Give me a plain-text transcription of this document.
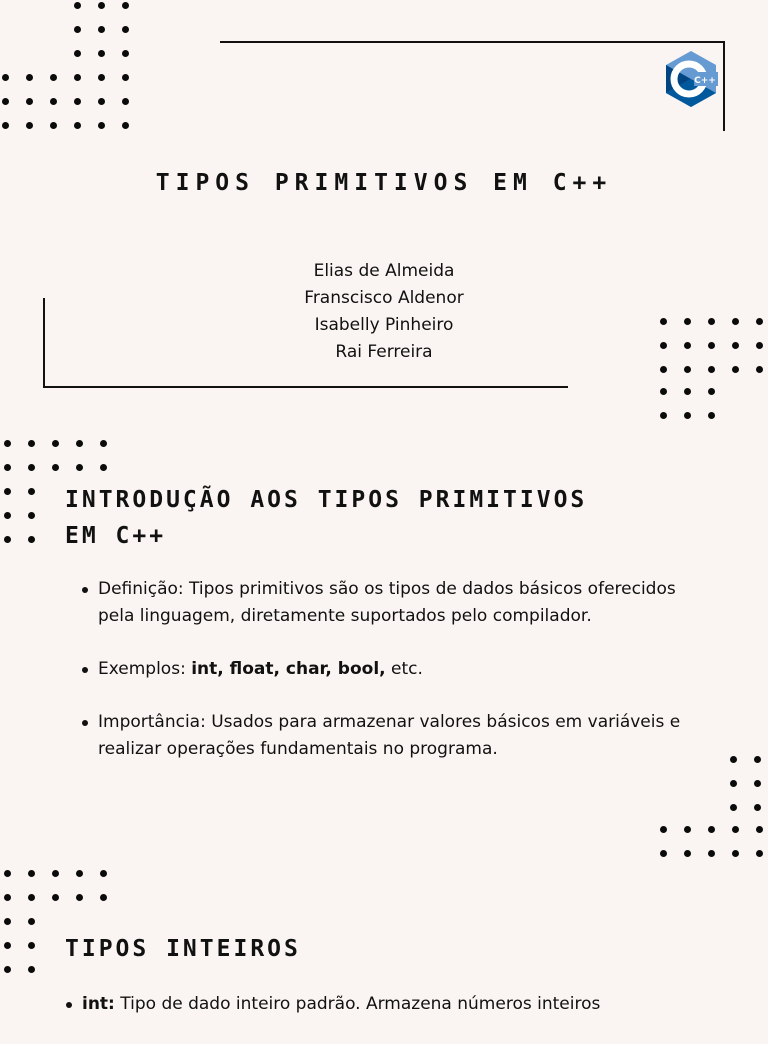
C++
TIPOS PRIMITIVOS EM C++
Elias de Almeida
Franscisco Aldenor
Isabelly Pinheiro
Rai Ferreira
INTRODUÇÃO AOS TIPOS PRIMITIVOS
EM C++
Definição: Tipos primitivos são os tipos de dados básicos oferecidos pela linguagem, diretamente suportados pelo compilador.
Exemplos: int, float, char, bool, etc.
Importância: Usados para armazenar valores básicos em variáveis e realizar operações fundamentais no programa.
TIPOS INTEIROS
int: Tipo de dado inteiro padrão. Armazena números inteiros
